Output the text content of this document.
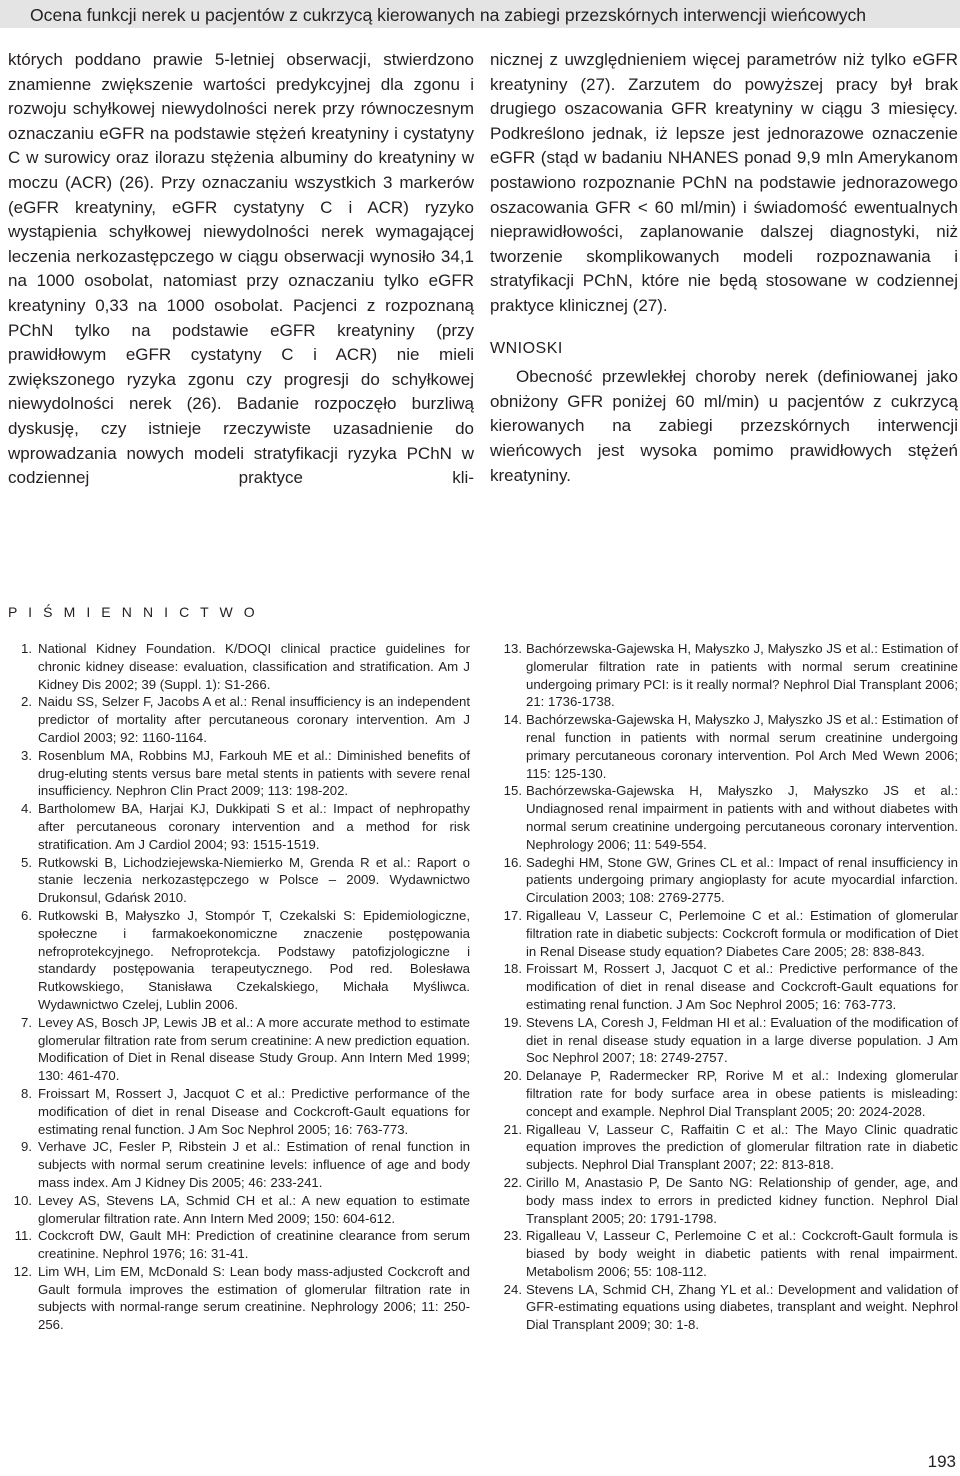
Ocena funkcji nerek u pacjentów z cukrzycą kierowanych na zabiegi przezskórnych interwencji wieńcowych

których poddano prawie 5-letniej obserwacji, stwierdzono znamienne zwiększenie wartości predykcyjnej dla zgonu i rozwoju schyłkowej niewydolności nerek przy równoczesnym oznaczaniu eGFR na podstawie stężeń kreatyniny i cystatyny C w surowicy oraz ilorazu stężenia albuminy do kreatyniny w moczu (ACR) (26). Przy oznaczaniu wszystkich 3 markerów (eGFR kreatyniny, eGFR cystatyny C i ACR) ryzyko wystąpienia schyłkowej niewydolności nerek wymagającej leczenia nerkozastępczego w ciągu obserwacji wynosiło 34,1 na 1000 osobolat, natomiast przy oznaczaniu tylko eGFR kreatyniny 0,33 na 1000 osobolat. Pacjenci z rozpoznaną PChN tylko na podstawie eGFR kreatyniny (przy prawidłowym eGFR cystatyny C i ACR) nie mieli zwiększonego ryzyka zgonu czy progresji do schyłkowej niewydolności nerek (26). Badanie rozpoczęło burzliwą dyskusję, czy istnieje rzeczywiste uzasadnienie do wprowadzania nowych modeli stratyfikacji ryzyka PChN w codziennej praktyce kli-

nicznej z uwzględnieniem więcej parametrów niż tylko eGFR kreatyniny (27). Zarzutem do powyższej pracy był brak drugiego oszacowania GFR kreatyniny w ciągu 3 miesięcy. Podkreślono jednak, iż lepsze jest jednorazowe oznaczenie eGFR (stąd w badaniu NHANES ponad 9,9 mln Amerykanom postawiono rozpoznanie PChN na podstawie jednorazowego oszacowania GFR < 60 ml/min) i świadomość ewentualnych nieprawidłowości, zaplanowanie dalszej diagnostyki, niż tworzenie skomplikowanych modeli rozpoznawania i stratyfikacji PChN, które nie będą stosowane w codziennej praktyce klinicznej (27).

WNIOSKI

Obecność przewlekłej choroby nerek (definiowanej jako obniżony GFR poniżej 60 ml/min) u pacjentów z cukrzycą kierowanych na zabiegi przezskórnych interwencji wieńcowych jest wysoka pomimo prawidłowych stężeń kreatyniny.

P I Ś M I E N N I C T W O
1. National Kidney Foundation. K/DOQI clinical practice guidelines for chronic kidney disease: evaluation, classification and stratification. Am J Kidney Dis 2002; 39 (Suppl. 1): S1-266.
2. Naidu SS, Selzer F, Jacobs A et al.: Renal insufficiency is an independent predictor of mortality after percutaneous coronary intervention. Am J Cardiol 2003; 92: 1160-1164.
3. Rosenblum MA, Robbins MJ, Farkouh ME et al.: Diminished benefits of drug-eluting stents versus bare metal stents in patients with severe renal insufficiency. Nephron Clin Pract 2009; 113: 198-202.
4. Bartholomew BA, Harjai KJ, Dukkipati S et al.: Impact of nephropathy after percutaneous coronary intervention and a method for risk stratification. Am J Cardiol 2004; 93: 1515-1519.
5. Rutkowski B, Lichodziejewska-Niemierko M, Grenda R et al.: Raport o stanie leczenia nerkozastępczego w Polsce – 2009. Wydawnictwo Drukonsul, Gdańsk 2010.
6. Rutkowski B, Małyszko J, Stompór T, Czekalski S: Epidemiologiczne, społeczne i farmakoekonomiczne znaczenie postępowania nefroprotekcyjnego. Nefroprotekcja. Podstawy patofizjologiczne i standardy postępowania terapeutycznego. Pod red. Bolesława Rutkowskiego, Stanisława Czekalskiego, Michała Myśliwca. Wydawnictwo Czelej, Lublin 2006.
7. Levey AS, Bosch JP, Lewis JB et al.: A more accurate method to estimate glomerular filtration rate from serum creatinine: A new prediction equation. Modification of Diet in Renal disease Study Group. Ann Intern Med 1999; 130: 461-470.
8. Froissart M, Rossert J, Jacquot C et al.: Predictive performance of the modification of diet in renal Disease and Cockcroft-Gault equations for estimating renal function. J Am Soc Nephrol 2005; 16: 763-773.
9. Verhave JC, Fesler P, Ribstein J et al.: Estimation of renal function in subjects with normal serum creatinine levels: influence of age and body mass index. Am J Kidney Dis 2005; 46: 233-241.
10. Levey AS, Stevens LA, Schmid CH et al.: A new equation to estimate glomerular filtration rate. Ann Intern Med 2009; 150: 604-612.
11. Cockcroft DW, Gault MH: Prediction of creatinine clearance from serum creatinine. Nephrol 1976; 16: 31-41.
12. Lim WH, Lim EM, McDonald S: Lean body mass-adjusted Cockcroft and Gault formula improves the estimation of glomerular filtration rate in subjects with normal-range serum creatinine. Nephrology 2006; 11: 250-256.
13. Bachórzewska-Gajewska H, Małyszko J, Małyszko JS et al.: Estimation of glomerular filtration rate in patients with normal serum creatinine undergoing primary PCI: is it really normal? Nephrol Dial Transplant 2006; 21: 1736-1738.
14. Bachórzewska-Gajewska H, Małyszko J, Małyszko JS et al.: Estimation of renal function in patients with normal serum creatinine undergoing primary percutaneous coronary intervention. Pol Arch Med Wewn 2006; 115: 125-130.
15. Bachórzewska-Gajewska H, Małyszko J, Małyszko JS et al.: Undiagnosed renal impairment in patients with and without diabetes with normal serum creatinine undergoing percutaneous coronary intervention. Nephrology 2006; 11: 549-554.
16. Sadeghi HM, Stone GW, Grines CL et al.: Impact of renal insufficiency in patients undergoing primary angioplasty for acute myocardial infarction. Circulation 2003; 108: 2769-2775.
17. Rigalleau V, Lasseur C, Perlemoine C et al.: Estimation of glomerular filtration rate in diabetic subjects: Cockcroft formula or modification of Diet in Renal Disease study equation? Diabetes Care 2005; 28: 838-843.
18. Froissart M, Rossert J, Jacquot C et al.: Predictive performance of the modification of diet in renal disease and Cockcroft-Gault equations for estimating renal function. J Am Soc Nephrol 2005; 16: 763-773.
19. Stevens LA, Coresh J, Feldman HI et al.: Evaluation of the modification of diet in renal disease study equation in a large diverse population. J Am Soc Nephrol 2007; 18: 2749-2757.
20. Delanaye P, Radermecker RP, Rorive M et al.: Indexing glomerular filtration rate for body surface area in obese patients is misleading: concept and example. Nephrol Dial Transplant 2005; 20: 2024-2028.
21. Rigalleau V, Lasseur C, Raffaitin C et al.: The Mayo Clinic quadratic equation improves the prediction of glomerular filtration rate in diabetic subjects. Nephrol Dial Transplant 2007; 22: 813-818.
22. Cirillo M, Anastasio P, De Santo NG: Relationship of gender, age, and body mass index to errors in predicted kidney function. Nephrol Dial Transplant 2005; 20: 1791-1798.
23. Rigalleau V, Lasseur C, Perlemoine C et al.: Cockcroft-Gault formula is biased by body weight in diabetic patients with renal impairment. Metabolism 2006; 55: 108-112.
24. Stevens LA, Schmid CH, Zhang YL et al.: Development and validation of GFR-estimating equations using diabetes, transplant and weight. Nephrol Dial Transplant 2009; 30: 1-8.
193
